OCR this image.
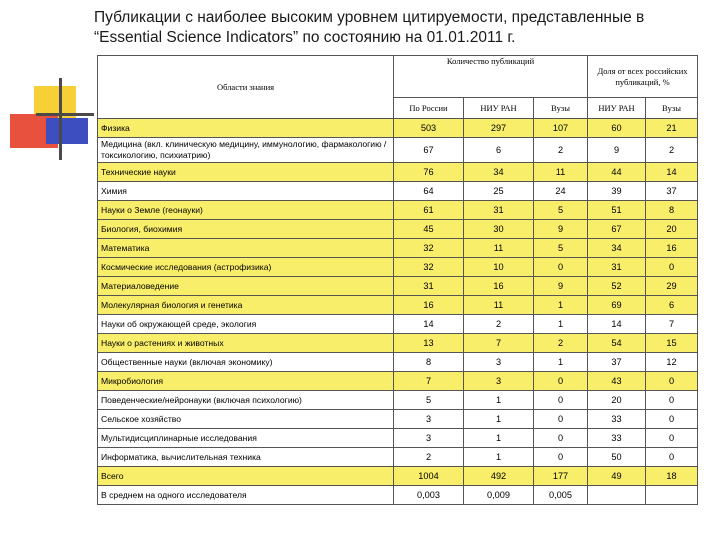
Публикации с наиболее высоким уровнем цитируемости, представленные в “Essential Science Indicators” по состоянию на 01.01.2011 г.
Области знания	Количество публикаций			Доля от всех российских публикаций, %	
	По России	НИУ РАН	Вузы	НИУ РАН	Вузы
Физика	503	297	107	60	21
Медицина (вкл. клиническую медицину, иммунологию, фармакологию /токсикологию, психиатрию)	67	6	2	9	2
Технические науки	76	34	11	44	14
Химия	64	25	24	39	37
Науки о Земле (геонауки)	61	31	5	51	8
Биология, биохимия	45	30	9	67	20
Математика	32	11	5	34	16
Космические исследования (астрофизика)	32	10	0	31	0
Материаловедение	31	16	9	52	29
Молекулярная биология и генетика	16	11	1	69	6
Науки об окружающей среде, экология	14	2	1	14	7
Науки о растениях и животных	13	7	2	54	15
Общественные науки (включая экономику)	8	3	1	37	12
Микробиология	7	3	0	43	0
Поведенческие/нейронауки (включая психологию)	5	1	0	20	0
Сельское хозяйство	3	1	0	33	0
Мультидисциплинарные исследования	3	1	0	33	0
Информатика, вычислительная техника	2	1	0	50	0
Всего	1004	492	177	49	18
В среднем на одного исследователя	0,003	0,009	0,005		
